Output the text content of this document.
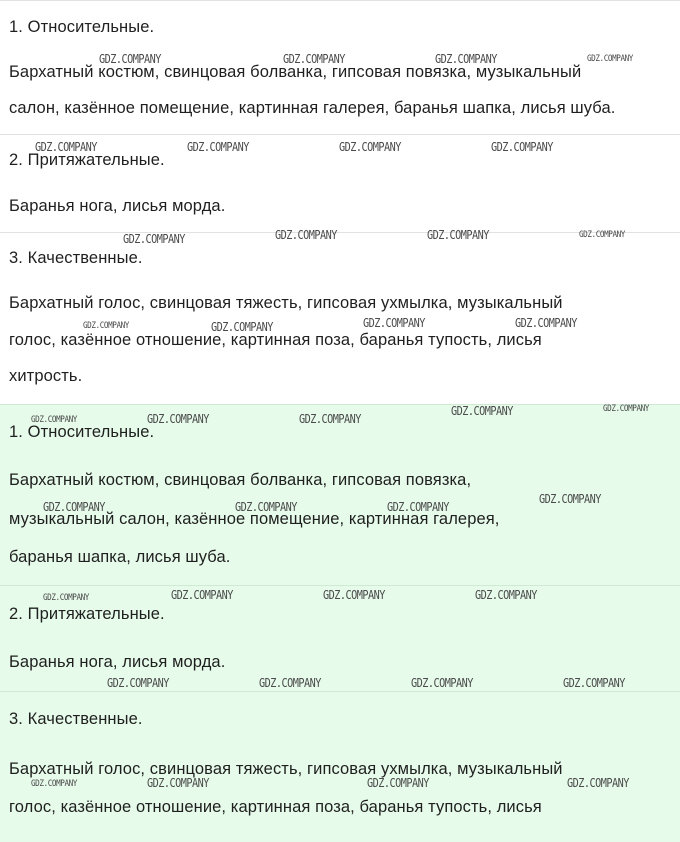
1. Относительные.

Бархатный костюм, свинцовая болванка, гипсовая повязка, музыкальный

салон, казённое помещение, картинная галерея, баранья шапка, лисья шуба.

2. Притяжательные.

Баранья нога, лисья морда.

3. Качественные.

Бархатный голос, свинцовая тяжесть, гипсовая ухмылка, музыкальный

голос, казённое отношение, картинная поза, баранья тупость, лисья

хитрость.

1. Относительные.

Бархатный костюм, свинцовая болванка, гипсовая повязка,

музыкальный салон, казённое помещение, картинная галерея,

баранья шапка, лисья шуба.

2. Притяжательные.

Баранья нога, лисья морда.

3. Качественные.

Бархатный голос, свинцовая тяжесть, гипсовая ухмылка, музыкальный

голос, казённое отношение, картинная поза, баранья тупость, лисья

GDZ.COMPANY	GDZ.COMPANY	GDZ.COMPANY	GDZ.COMPANY
GDZ.COMPANY	GDZ.COMPANY	GDZ.COMPANY	GDZ.COMPANY
GDZ.COMPANY	GDZ.COMPANY	GDZ.COMPANY	GDZ.COMPANY
GDZ.COMPANY	GDZ.COMPANY	GDZ.COMPANY	GDZ.COMPANY
GDZ.COMPANY	GDZ.COMPANY	GDZ.COMPANY
GDZ.COMPANY	GDZ.COMPANY
GDZ.COMPANY	GDZ.COMPANY	GDZ.COMPANY
GDZ.COMPANY
GDZ.COMPANY	GDZ.COMPANY	GDZ.COMPANY	GDZ.COMPANY
GDZ.COMPANY	GDZ.COMPANY	GDZ.COMPANY	GDZ.COMPANY
GDZ.COMPANY	GDZ.COMPANY	GDZ.COMPANY	GDZ.COMPANY
